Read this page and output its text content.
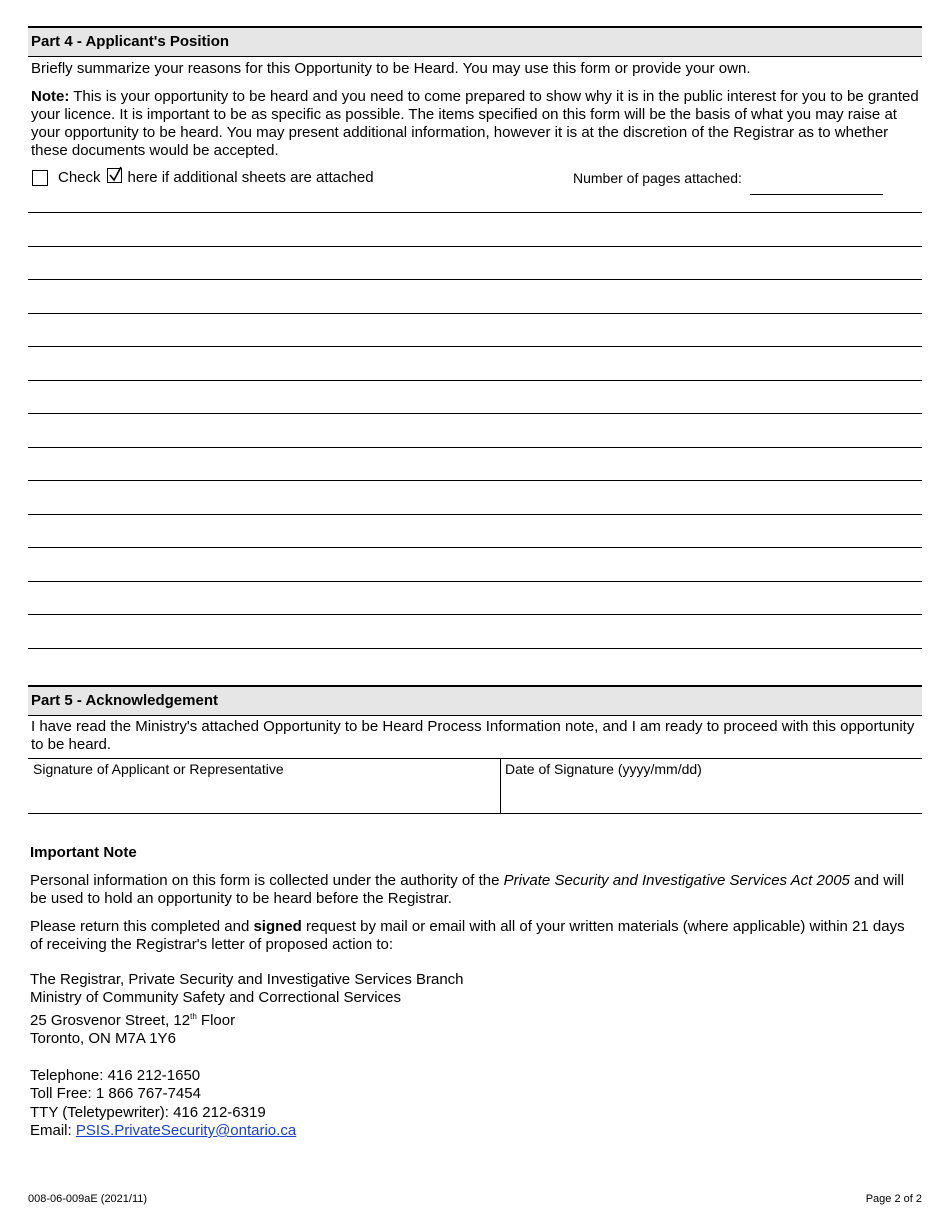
Part 4 - Applicant's Position

Briefly summarize your reasons for this Opportunity to be Heard. You may use this form or provide your own.

Note: This is your opportunity to be heard and you need to come prepared to show why it is in the public interest for you to be granted your licence. It is important to be as specific as possible. The items specified on this form will be the basis of what you may raise at your opportunity to be heard. You may present additional information, however it is at the discretion of the Registrar as to whether these documents would be accepted.

Check here if additional sheets are attached	Number of pages attached:
Part 5 - Acknowledgement

I have read the Ministry's attached Opportunity to be Heard Process Information note, and I am ready to proceed with this opportunity to be heard.

Signature of Applicant or Representative	Date of Signature (yyyy/mm/dd)
Important Note

Personal information on this form is collected under the authority of the Private Security and Investigative Services Act 2005 and will be used to hold an opportunity to be heard before the Registrar.

Please return this completed and signed request by mail or email with all of your written materials (where applicable) within 21 days of receiving the Registrar's letter of proposed action to:

The Registrar, Private Security and Investigative Services Branch

Ministry of Community Safety and Correctional Services

25 Grosvenor Street, 12th Floor

Toronto, ON M7A 1Y6

Telephone: 416 212-1650

Toll Free: 1 866 767-7454

TTY (Teletypewriter): 416 212-6319

Email: PSIS.PrivateSecurity@ontario.ca

008-06-009aE (2021/11)	Page 2 of 2
